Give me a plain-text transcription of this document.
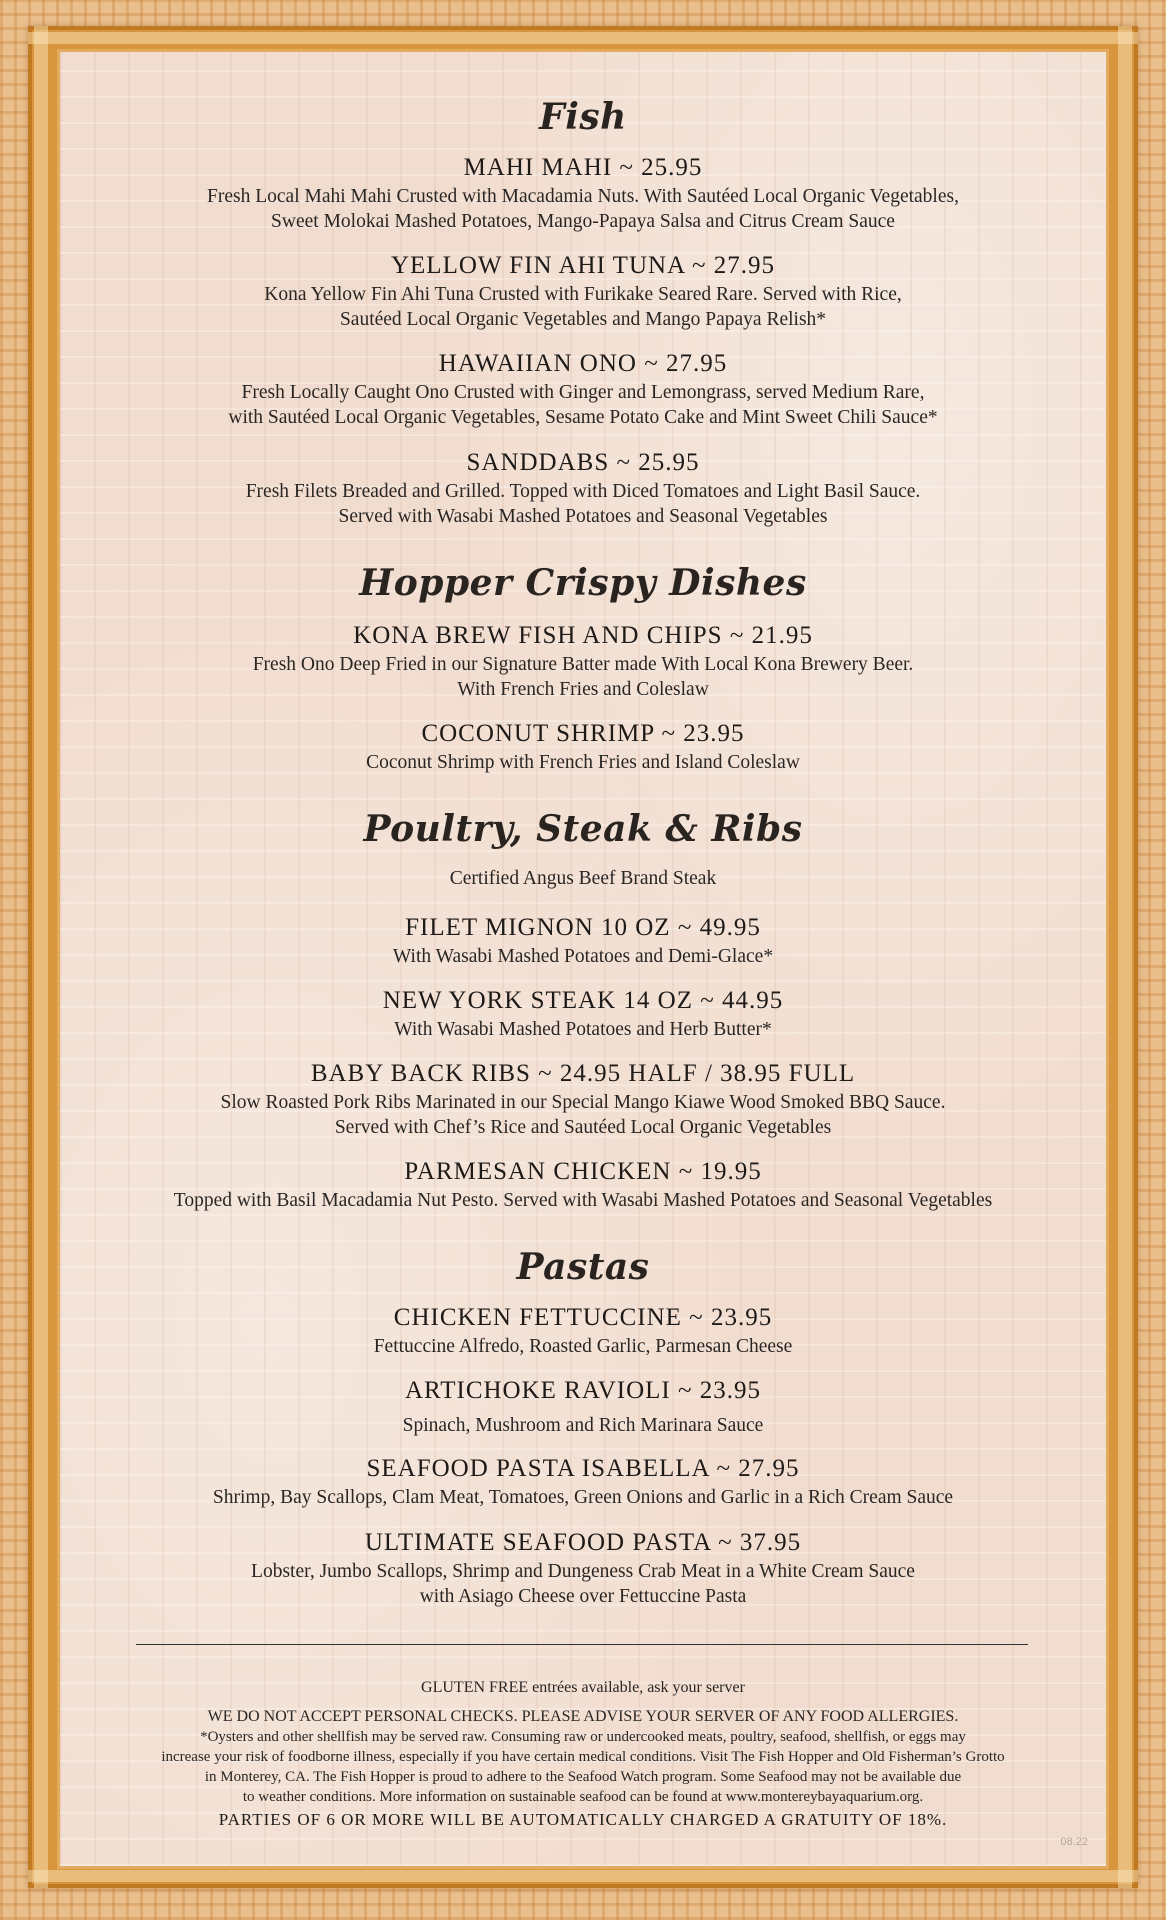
Fish
MAHI MAHI ~ 25.95
Fresh Local Mahi Mahi Crusted with Macadamia Nuts. With Sautéed Local Organic Vegetables,
Sweet Molokai Mashed Potatoes, Mango-Papaya Salsa and Citrus Cream Sauce
YELLOW FIN AHI TUNA ~ 27.95
Kona Yellow Fin Ahi Tuna Crusted with Furikake Seared Rare. Served with Rice,
Sautéed Local Organic Vegetables and Mango Papaya Relish*
HAWAIIAN ONO ~ 27.95
Fresh Locally Caught Ono Crusted with Ginger and Lemongrass, served Medium Rare,
with Sautéed Local Organic Vegetables, Sesame Potato Cake and Mint Sweet Chili Sauce*
SANDDABS ~ 25.95
Fresh Filets Breaded and Grilled. Topped with Diced Tomatoes and Light Basil Sauce.
Served with Wasabi Mashed Potatoes and Seasonal Vegetables
Hopper Crispy Dishes
KONA BREW FISH AND CHIPS ~ 21.95
Fresh Ono Deep Fried in our Signature Batter made With Local Kona Brewery Beer.
With French Fries and Coleslaw
COCONUT SHRIMP ~ 23.95
Coconut Shrimp with French Fries and Island Coleslaw
Poultry, Steak & Ribs
Certified Angus Beef Brand Steak
FILET MIGNON 10 OZ ~ 49.95
With Wasabi Mashed Potatoes and Demi-Glace*
NEW YORK STEAK 14 OZ ~ 44.95
With Wasabi Mashed Potatoes and Herb Butter*
BABY BACK RIBS ~ 24.95 HALF / 38.95 FULL
Slow Roasted Pork Ribs Marinated in our Special Mango Kiawe Wood Smoked BBQ Sauce.
Served with Chef’s Rice and Sautéed Local Organic Vegetables
PARMESAN CHICKEN ~ 19.95
Topped with Basil Macadamia Nut Pesto. Served with Wasabi Mashed Potatoes and Seasonal Vegetables
Pastas
CHICKEN FETTUCCINE ~ 23.95
Fettuccine Alfredo, Roasted Garlic, Parmesan Cheese
ARTICHOKE RAVIOLI ~ 23.95
Spinach, Mushroom and Rich Marinara Sauce
SEAFOOD PASTA ISABELLA ~ 27.95
Shrimp, Bay Scallops, Clam Meat, Tomatoes, Green Onions and Garlic in a Rich Cream Sauce
ULTIMATE SEAFOOD PASTA ~ 37.95
Lobster, Jumbo Scallops, Shrimp and Dungeness Crab Meat in a White Cream Sauce
with Asiago Cheese over Fettuccine Pasta
GLUTEN FREE entrées available, ask your server
WE DO NOT ACCEPT PERSONAL CHECKS. PLEASE ADVISE YOUR SERVER OF ANY FOOD ALLERGIES.
*Oysters and other shellfish may be served raw. Consuming raw or undercooked meats, poultry, seafood, shellfish, or eggs may
increase your risk of foodborne illness, especially if you have certain medical conditions. Visit The Fish Hopper and Old Fisherman’s Grotto
in Monterey, CA. The Fish Hopper is proud to adhere to the Seafood Watch program. Some Seafood may not be available due
to weather conditions. More information on sustainable seafood can be found at www.montereybayaquarium.org.
PARTIES OF 6 OR MORE WILL BE AUTOMATICALLY CHARGED A GRATUITY OF 18%.
08.22
